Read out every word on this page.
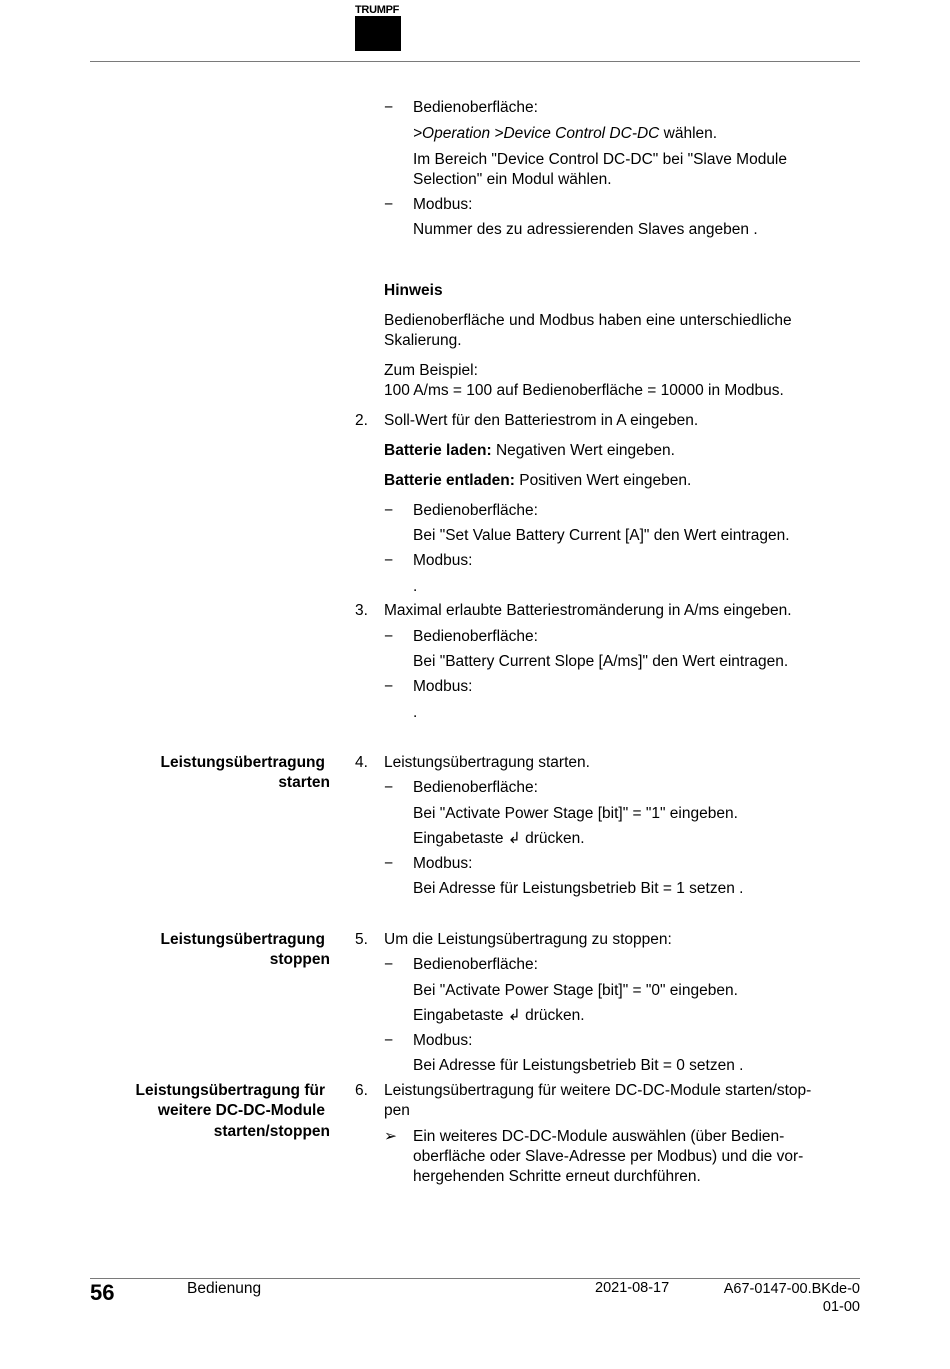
TRUMPF
− Bedienoberfläche:
>Operation >Device Control DC-DC wählen.
Im Bereich "Device Control DC-DC" bei "Slave Module
Selection" ein Modul wählen.
− Modbus:
Nummer des zu adressierenden Slaves angeben .
Hinweis
Bedienoberfläche und Modbus haben eine unterschiedliche
Skalierung.
Zum Beispiel:
100 A/ms = 100 auf Bedienoberfläche = 10000 in Modbus.
2. Soll-Wert für den Batteriestrom in A eingeben.
Batterie laden: Negativen Wert eingeben.
Batterie entladen: Positiven Wert eingeben.
− Bedienoberfläche:
Bei "Set Value Battery Current [A]" den Wert eintragen.
− Modbus:
.
3. Maximal erlaubte Batteriestromänderung in A/ms eingeben.
− Bedienoberfläche:
Bei "Battery Current Slope [A/ms]" den Wert eintragen.
− Modbus:
.
Leistungsübertragung
starten
4. Leistungsübertragung starten.
− Bedienoberfläche:
Bei "Activate Power Stage [bit]" = "1" eingeben.
Eingabetaste ↲ drücken.
− Modbus:
Bei Adresse für Leistungsbetrieb Bit = 1 setzen .
Leistungsübertragung
stoppen
5. Um die Leistungsübertragung zu stoppen:
− Bedienoberfläche:
Bei "Activate Power Stage [bit]" = "0" eingeben.
Eingabetaste ↲ drücken.
− Modbus:
Bei Adresse für Leistungsbetrieb Bit = 0 setzen .
Leistungsübertragung für
weitere DC-DC-Module
starten/stoppen
6. Leistungsübertragung für weitere DC-DC-Module starten/stop-
pen
➢ Ein weiteres DC-DC-Module auswählen (über Bedien-
oberfläche oder Slave-Adresse per Modbus) und die vor-
hergehenden Schritte erneut durchführen.
56	Bedienung	2021-08-17	A67-0147-00.BKde-0
01-00
